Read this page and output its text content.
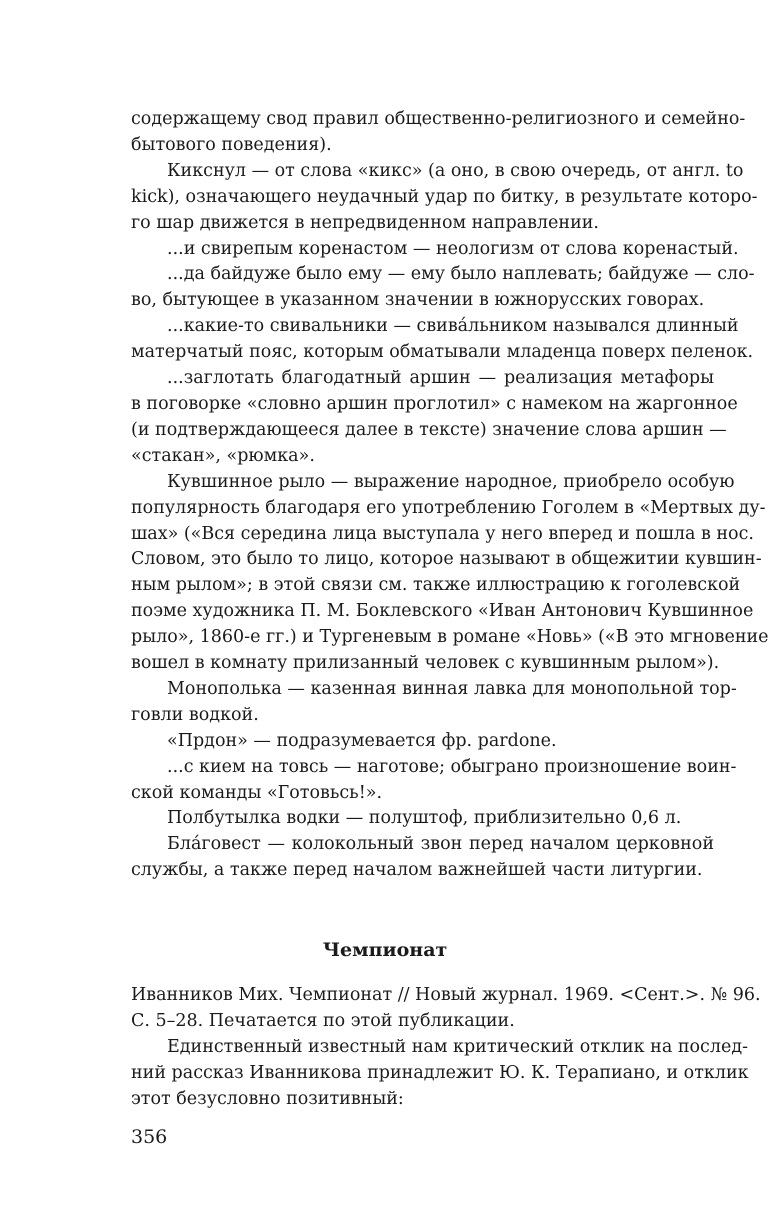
содержащему свод правил общественно-религиозного и семейно-
бытового поведения).
Кикснул — от слова «кикс» (а оно, в свою очередь, от англ. to
kick), означающего неудачный удар по битку, в результате которо-
го шар движется в непредвиденном направлении.
...и свирепым коренастом — неологизм от слова коренастый.
...да байдуже было ему — ему было наплевать; байдуже — сло-
во, бытующее в указанном значении в южнорусских говорах.
...какие-то свивальники — свивáльником назывался длинный
матерчатый пояс, которым обматывали младенца поверх пеленок.
...заглотать благодатный аршин — реализация метафоры
в поговорке «словно аршин проглотил» с намеком на жаргонное
(и подтверждающееся далее в тексте) значение слова аршин —
«стакан», «рюмка».
Кувшинное рыло — выражение народное, приобрело особую
популярность благодаря его употреблению Гоголем в «Мертвых ду-
шах» («Вся середина лица выступала у него вперед и пошла в нос.
Словом, это было то лицо, которое называют в общежитии кувшин-
ным рылом»; в этой связи см. также иллюстрацию к гоголевской
поэме художника П. М. Боклевского «Иван Антонович Кувшинное
рыло», 1860-е гг.) и Тургеневым в романе «Новь» («В это мгновение
вошел в комнату прилизанный человек с кувшинным рылом»).
Монополька — казенная винная лавка для монопольной тор-
говли водкой.
«Прдон» — подразумевается фр. pardone.
...с кием на товсь — наготове; обыграно произношение воин-
ской команды «Готовьсь!».
Полбутылка водки — полуштоф, приблизительно 0,6 л.
Блáговест — колокольный звон перед началом церковной
службы, а также перед началом важнейшей части литургии.
Чемпионат
Иванников Мих. Чемпионат // Новый журнал. 1969. <Сент.>. № 96.
С. 5–28. Печатается по этой публикации.
Единственный известный нам критический отклик на послед-
ний рассказ Иванникова принадлежит Ю. К. Терапиано, и отклик
этот безусловно позитивный:
356
